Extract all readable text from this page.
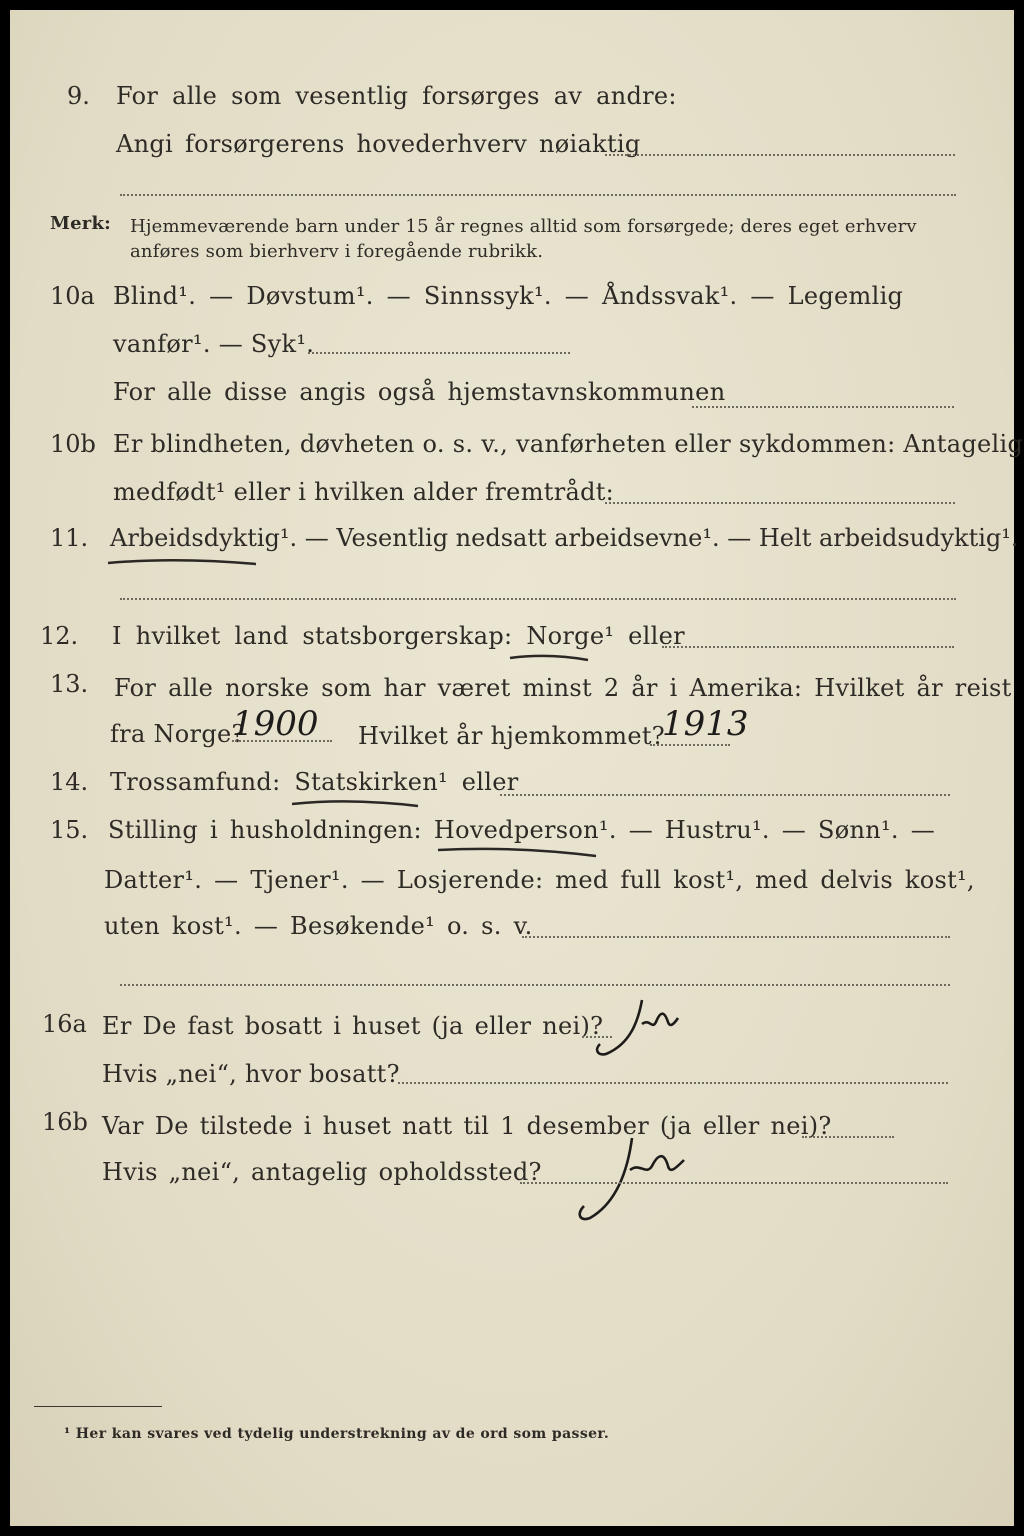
9. For alle som vesentlig forsørges av andre:
Angi forsørgerens hovederhverv nøiaktig
Merk: Hjemmeværende barn under 15 år regnes alltid som forsørgede; deres eget erhverv
anføres som bierhverv i foregående rubrikk.
10a Blind¹. — Døvstum¹. — Sinnssyk¹. — Åndssvak¹. — Legemlig
vanfør¹. — Syk¹.
For alle disse angis også hjemstavnskommunen
10b Er blindheten, døvheten o. s. v., vanførheten eller sykdommen: Antagelig
medfødt¹ eller i hvilken alder fremtrådt:
11. Arbeidsdyktig¹. — Vesentlig nedsatt arbeidsevne¹. — Helt arbeidsudyktig¹.
12. I hvilket land statsborgerskap: Norge¹ eller
13. For alle norske som har været minst 2 år i Amerika: Hvilket år reist
fra Norge?
1900 Hvilket år hjemkommet?
1913
14. Trossamfund: Statskirken¹ eller
15. Stilling i husholdningen: Hovedperson¹. — Hustru¹. — Sønn¹. —
Datter¹. — Tjener¹. — Losjerende: med full kost¹, med delvis kost¹,
uten kost¹. — Besøkende¹ o. s. v.
16a Er De fast bosatt i huset (ja eller nei)?
Hvis „nei“, hvor bosatt?
16b Var De tilstede i huset natt til 1 desember (ja eller nei)?
Hvis „nei“, antagelig opholdssted?
¹ Her kan svares ved tydelig understrekning av de ord som passer.
